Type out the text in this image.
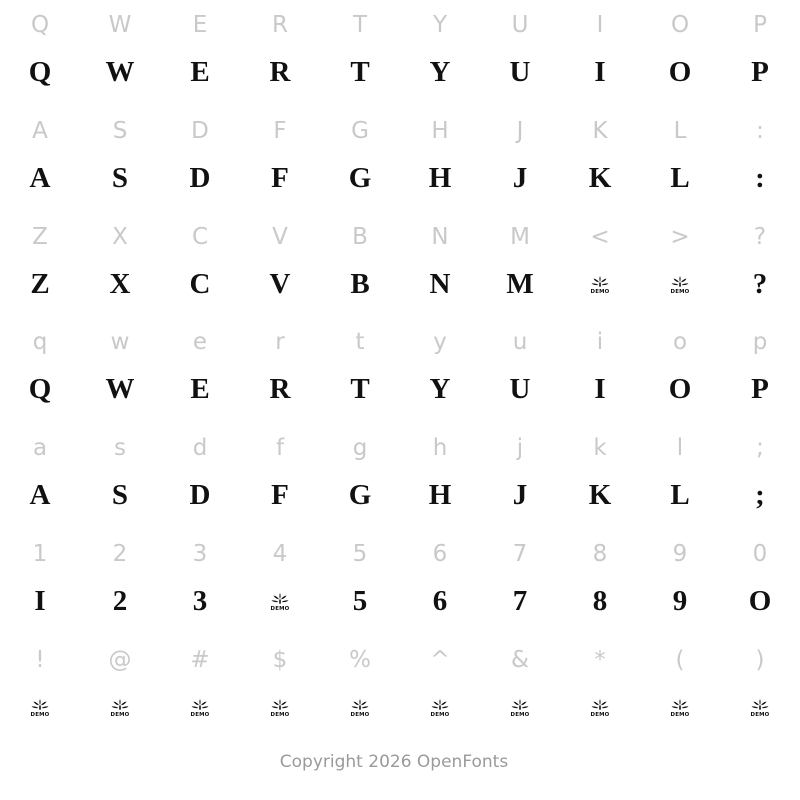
Q
Q
W
W
E
E
R
R
T
T
Y
Y
U
U
I
I
O
O
P
P
A
A
S
S
D
D
F
F
G
G
H
H
J
J
K
K
L
L
:
:
Z
Z
X
X
C
C
V
V
B
B
N
N
M
M
<
DEMO
>
DEMO
?
?
q
Q
w
W
e
E
r
R
t
T
y
Y
u
U
i
I
o
O
p
P
a
A
s
S
d
D
f
F
g
G
h
H
j
J
k
K
l
L
;
;
1
I
2
2
3
3
4
DEMO
5
5
6
6
7
7
8
8
9
9
0
O
!
DEMO
@
DEMO
#
DEMO
$
DEMO
%
DEMO
^
DEMO
&
DEMO
*
DEMO
(
DEMO
)
DEMO
Copyright 2026 OpenFonts
